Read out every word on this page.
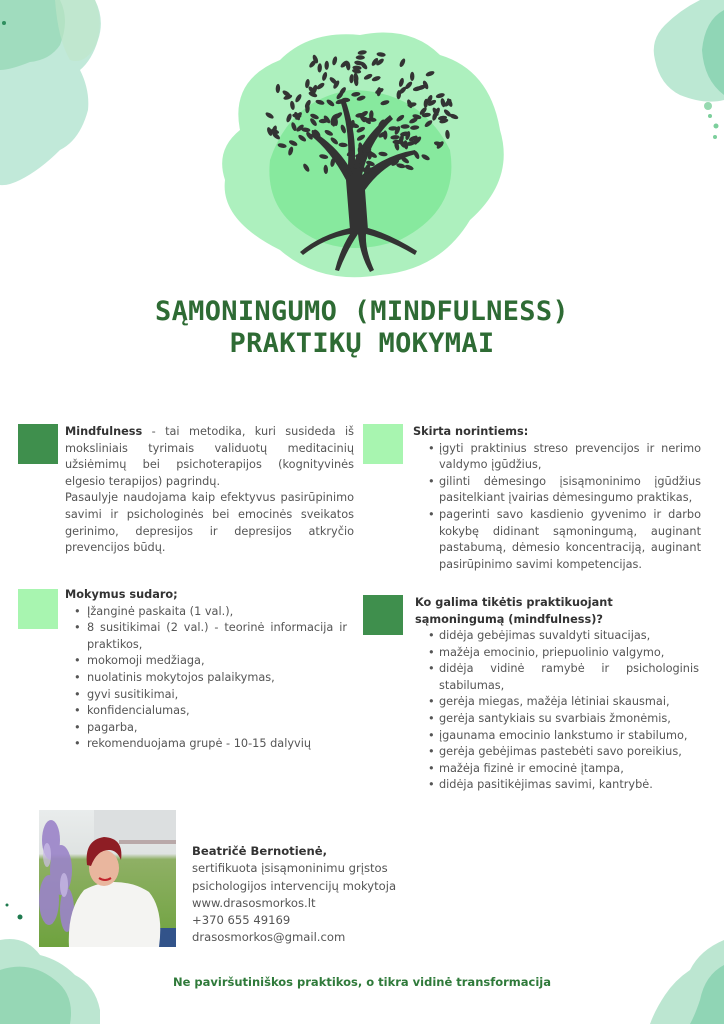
SĄMONINGUMO (MINDFULNESS)
PRAKTIKŲ MOKYMAI

Mindfulness - tai metodika, kuri susideda iš moksliniais tyrimais validuotų meditacinių užsiėmimų bei psichoterapijos (kognityvinės elgesio terapijos) pagrindų.

Pasaulyje naudojama kaip efektyvus pasirūpinimo savimi ir psichologinės bei emocinės sveikatos gerinimo, depresijos ir depresijos atkryčio prevencijos būdų.

Skirta norintiems:
• įgyti praktinius streso prevencijos ir nerimo valdymo įgūdžius,
• gilinti dėmesingo įsisąmoninimo įgūdžius pasitelkiant įvairias dėmesingumo praktikas,
• pagerinti savo kasdienio gyvenimo ir darbo kokybę didinant sąmoningumą, auginant pastabumą, dėmesio koncentraciją, auginant pasirūpinimo savimi kompetencijas.
Mokymus sudaro;
• Įžanginė paskaita (1 val.),
• 8 susitikimai (2 val.) - teorinė informacija ir praktikos,
• mokomoji medžiaga,
• nuolatinis mokytojos palaikymas,
• gyvi susitikimai,
• konfidencialumas,
• pagarba,
• rekomenduojama grupė - 10-15 dalyvių
Ko galima tikėtis praktikuojant sąmoningumą (mindfulness)?
• didėja gebėjimas suvaldyti situacijas,
• mažėja emocinio, priepuolinio valgymo,
• didėja vidinė ramybė ir psichologinis stabilumas,
• gerėja miegas, mažėja lėtiniai skausmai,
• gerėja santykiais su svarbiais žmonėmis,
• įgaunama emocinio lankstumo ir stabilumo,
• gerėja gebėjimas pastebėti savo poreikius,
• mažėja fizinė ir emocinė įtampa,
• didėja pasitikėjimas savimi, kantrybė.
Beatričė Bernotienė,
sertifikuota įsisąmoninimu grįstos
psichologijos intervencijų mokytoja
www.drasosmorkos.lt
+370 655 49169
drasosmorkos@gmail.com
Ne paviršutiniškos praktikos, o tikra vidinė transformacija
